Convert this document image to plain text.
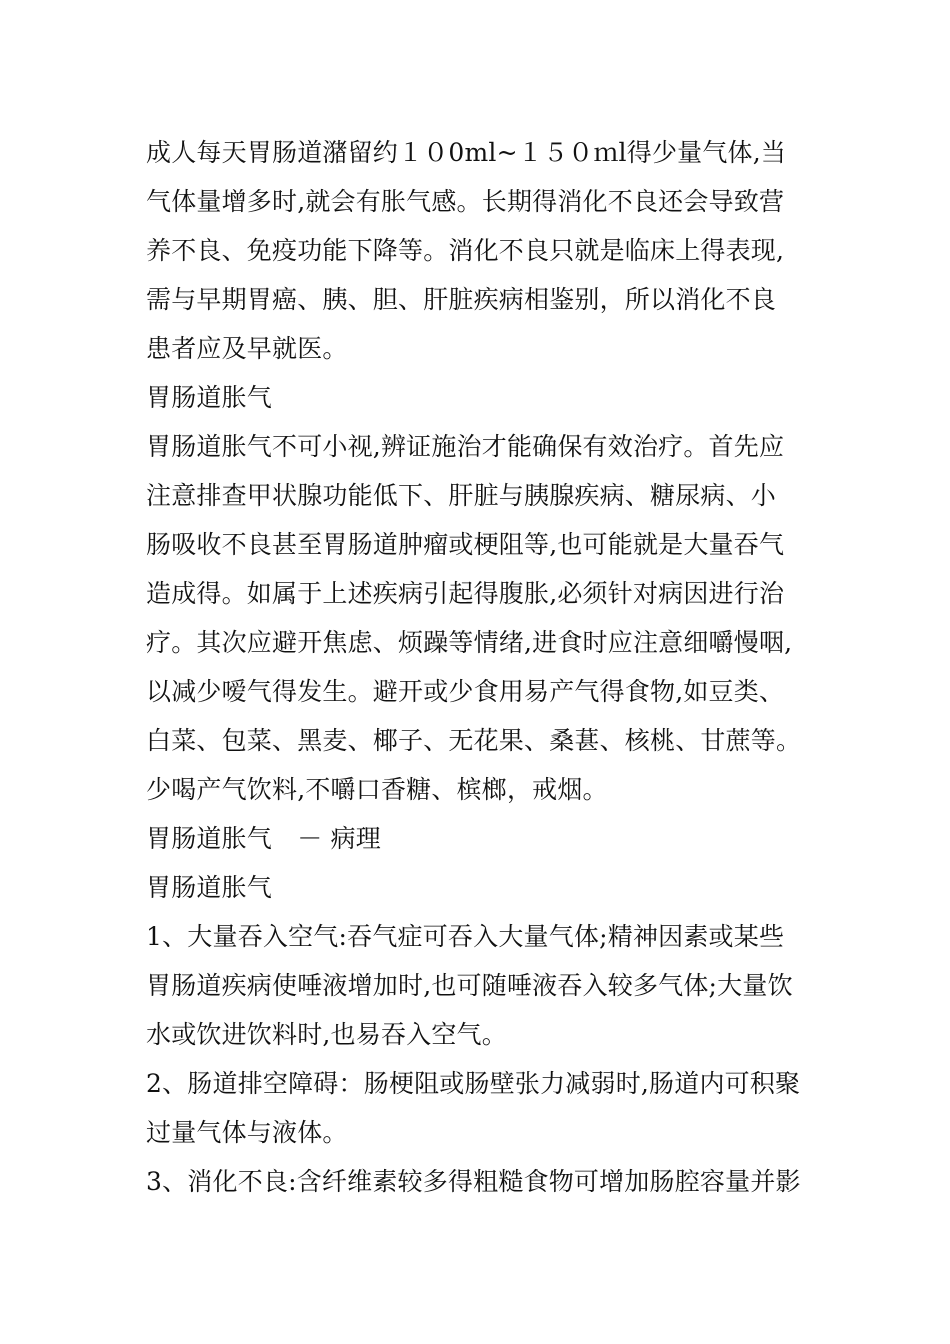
成人每天胃肠道潴留约１０0ml~１５０ｍl得少量气体,当
气体量增多时,就会有胀气感。长期得消化不良还会导致营
养不良、免疫功能下降等。消化不良只就是临床上得表现,
需与早期胃癌、胰、胆、肝脏疾病相鉴别，所以消化不良
患者应及早就医。
胃肠道胀气
胃肠道胀气不可小视,辨证施治才能确保有效治疗。首先应
注意排查甲状腺功能低下、肝脏与胰腺疾病、糖尿病、小
肠吸收不良甚至胃肠道肿瘤或梗阻等,也可能就是大量吞气
造成得。如属于上述疾病引起得腹胀,必须针对病因进行治
疗。其次应避开焦虑、烦躁等情绪,进食时应注意细嚼慢咽,
以减少嗳气得发生。避开或少食用易产气得食物,如豆类、
白菜、包菜、黑麦、椰子、无花果、桑葚、核桃、甘蔗等。
少喝产气饮料,不嚼口香糖、槟榔，戒烟。
胃肠道胀气　－ 病理
胃肠道胀气
1、大量吞入空气:吞气症可吞入大量气体;精神因素或某些
胃肠道疾病使唾液增加时,也可随唾液吞入较多气体;大量饮
水或饮进饮料时,也易吞入空气。
2、肠道排空障碍：肠梗阻或肠壁张力减弱时,肠道内可积聚
过量气体与液体。
3、消化不良:含纤维素较多得粗糙食物可增加肠腔容量并影
